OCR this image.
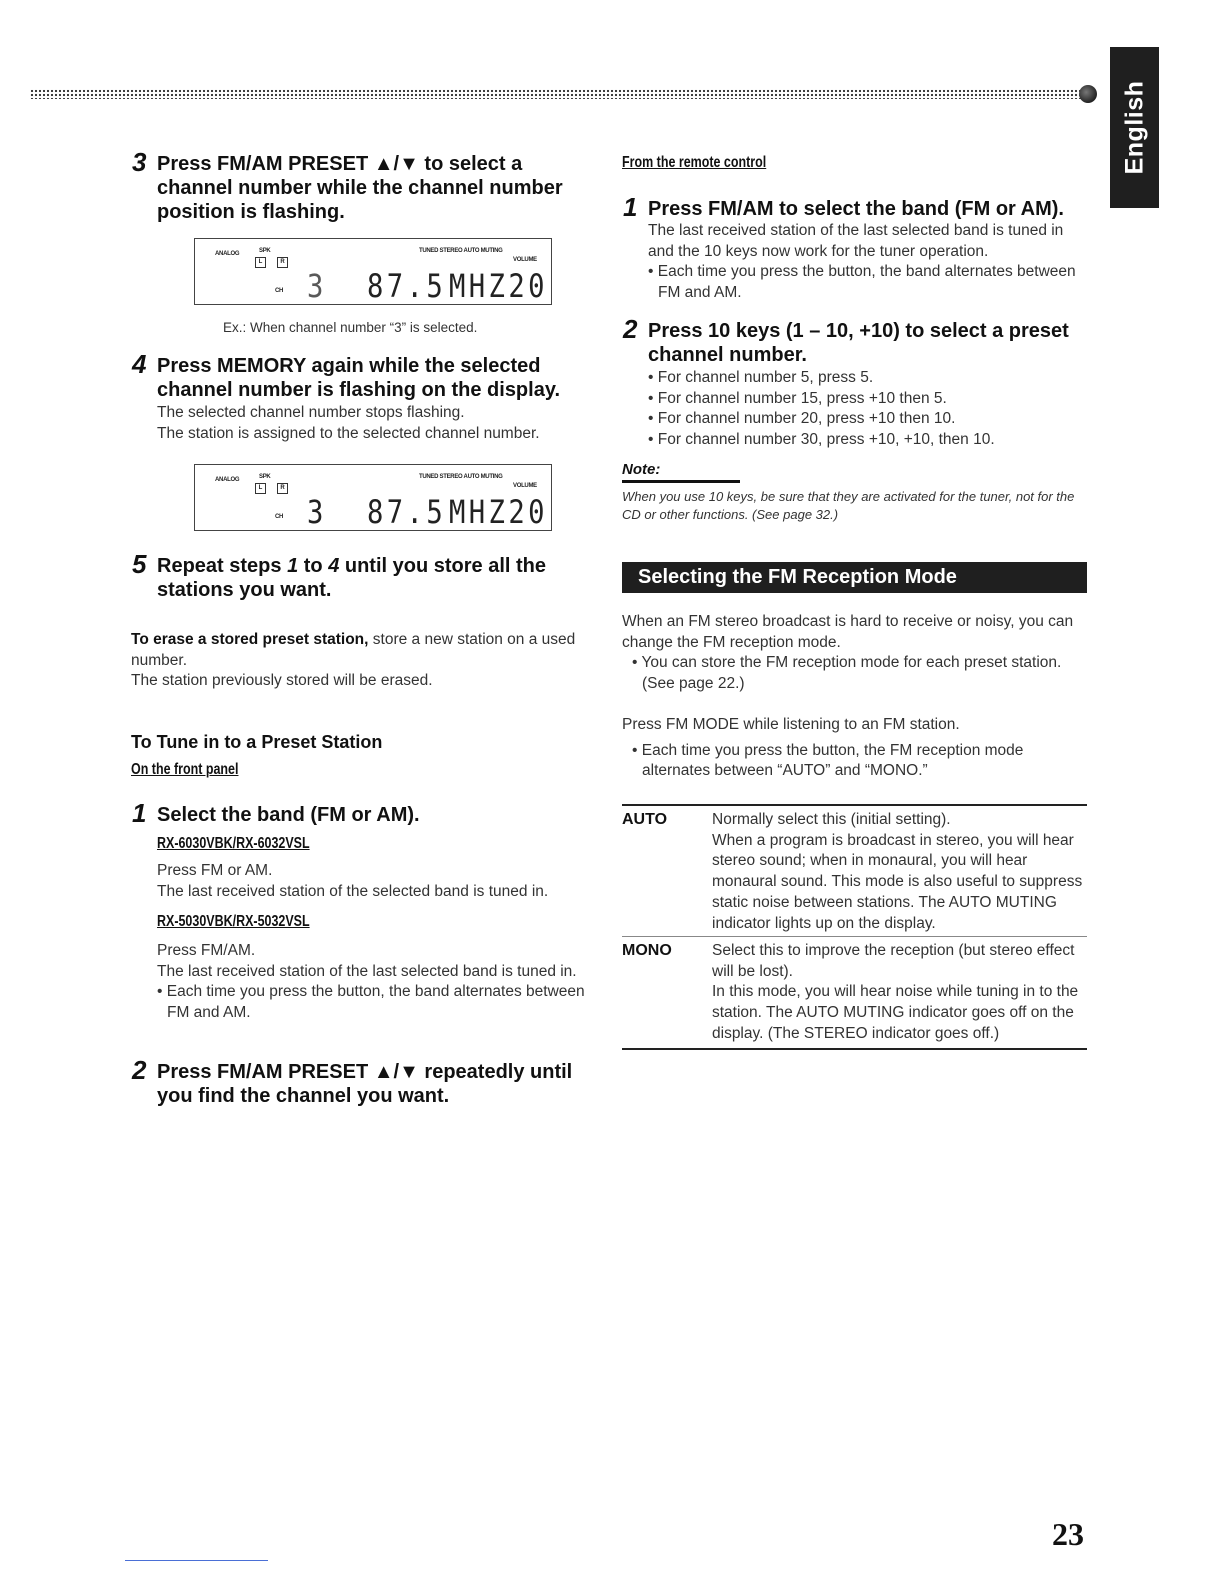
English
3 Press FM/AM PRESET ▲/▼ to select a channel number while the channel number position is flashing.
ANALOG	SPK
L	R
TUNED STEREO AUTO MUTING
VOLUME
CH 3 87.5 MHZ20
Ex.: When channel number “3” is selected.
4 Press MEMORY again while the selected channel number is flashing on the display.
The selected channel number stops flashing.
The station is assigned to the selected channel number.
ANALOG	SPK
L	R
TUNED STEREO AUTO MUTING
VOLUME
CH 3 87.5 MHZ20
5 Repeat steps 1 to 4 until you store all the stations you want.
To erase a stored preset station, store a new station on a used number.
The station previously stored will be erased.
To Tune in to a Preset Station
On the front panel
1 Select the band (FM or AM).
RX-6030VBK/RX-6032VSL
Press FM or AM.
The last received station of the selected band is tuned in.
RX-5030VBK/RX-5032VSL
Press FM/AM.
The last received station of the last selected band is tuned in.
• Each time you press the button, the band alternates between FM and AM.
2 Press FM/AM PRESET ▲/▼ repeatedly until you find the channel you want.
From the remote control
1 Press FM/AM to select the band (FM or AM).
The last received station of the last selected band is tuned in and the 10 keys now work for the tuner operation.
• Each time you press the button, the band alternates between FM and AM.
2 Press 10 keys (1 – 10, +10) to select a preset channel number.
• For channel number 5, press 5.
• For channel number 15, press +10 then 5.
• For channel number 20, press +10 then 10.
• For channel number 30, press +10, +10, then 10.
Note:
When you use 10 keys, be sure that they are activated for the tuner, not for the CD or other functions. (See page 32.)
Selecting the FM Reception Mode
When an FM stereo broadcast is hard to receive or noisy, you can change the FM reception mode.
• You can store the FM reception mode for each preset station. (See page 22.)
Press FM MODE while listening to an FM station.
• Each time you press the button, the FM reception mode alternates between “AUTO” and “MONO.”
AUTO	Normally select this (initial setting).
When a program is broadcast in stereo, you will hear stereo sound; when in monaural, you will hear monaural sound. This mode is also useful to suppress static noise between stations. The AUTO MUTING indicator lights up on the display.
MONO	Select this to improve the reception (but stereo effect will be lost).
In this mode, you will hear noise while tuning in to the station. The AUTO MUTING indicator goes off on the display. (The STEREO indicator goes off.)
23
